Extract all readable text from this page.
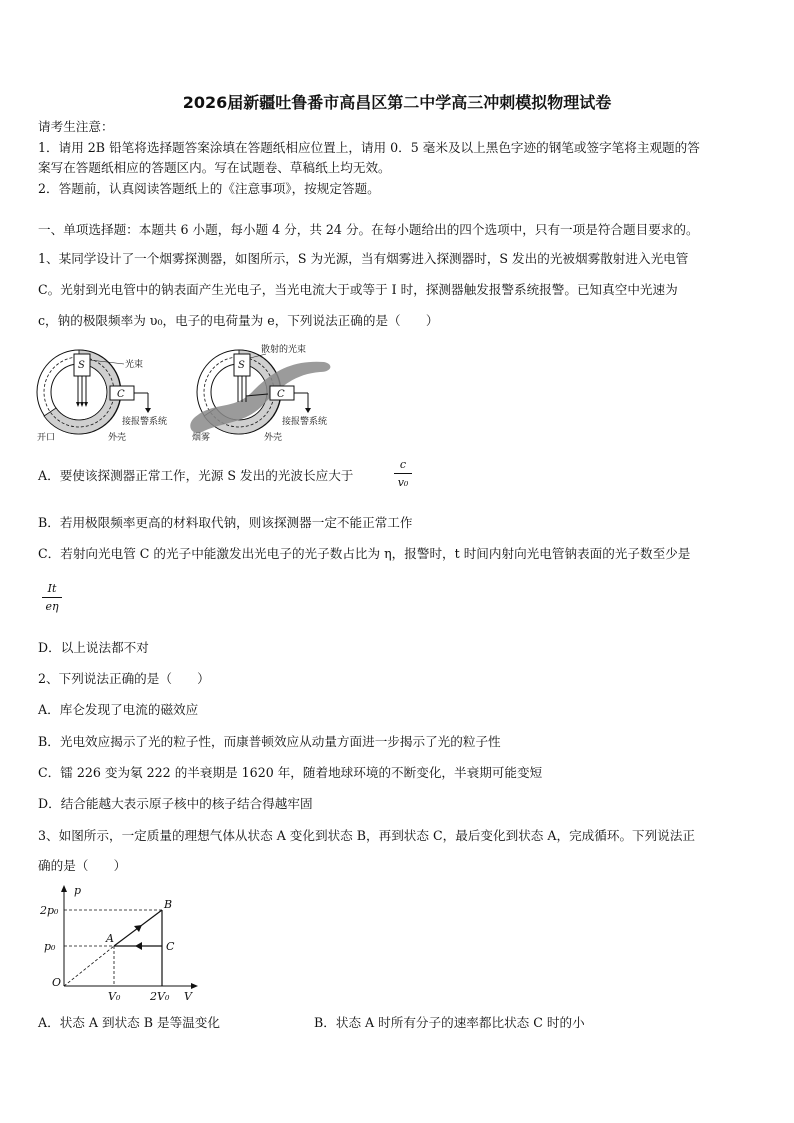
2026届新疆吐鲁番市高昌区第二中学高三冲刺模拟物理试卷
请考生注意：
1．请用 2B 铅笔将选择题答案涂填在答题纸相应位置上，请用 0．5 毫米及以上黑色字迹的钢笔或签字笔将主观题的答
案写在答题纸相应的答题区内。写在试题卷、草稿纸上均无效。
2．答题前，认真阅读答题纸上的《注意事项》，按规定答题。
一、单项选择题：本题共 6 小题，每小题 4 分，共 24 分。在每小题给出的四个选项中，只有一项是符合题目要求的。
1、某同学设计了一个烟雾探测器，如图所示，S 为光源，当有烟雾进入探测器时，S 发出的光被烟雾散射进入光电管
C。光射到光电管中的钠表面产生光电子，当光电流大于或等于 I 时，探测器触发报警系统报警。已知真空中光速为
c，钠的极限频率为 υ₀，电子的电荷量为 e，下列说法正确的是（　　）
S
C
光束
接报警系统
开口	外壳
S
C
散射的光束
接报警系统
烟雾	外壳
A．要使该探测器正常工作，光源 S 发出的光波长应大于
c
v₀
B．若用极限频率更高的材料取代钠，则该探测器一定不能正常工作
C．若射向光电管 C 的光子中能激发出光电子的光子数占比为 η，报警时，t 时间内射向光电管钠表面的光子数至少是
It
eη
D．以上说法都不对
2、下列说法正确的是（　　）
A．库仑发现了电流的磁效应
B．光电效应揭示了光的粒子性，而康普顿效应从动量方面进一步揭示了光的粒子性
C．镭 226 变为氡 222 的半衰期是 1620 年，随着地球环境的不断变化，半衰期可能变短
D．结合能越大表示原子核中的核子结合得越牢固
3、如图所示，一定质量的理想气体从状态 A 变化到状态 B，再到状态 C，最后变化到状态 A，完成循环。下列说法正
确的是（　　）
p
V
O
2p₀
p₀
V₀	2V₀
A
B
C
A．状态 A 到状态 B 是等温变化	B．状态 A 时所有分子的速率都比状态 C 时的小
